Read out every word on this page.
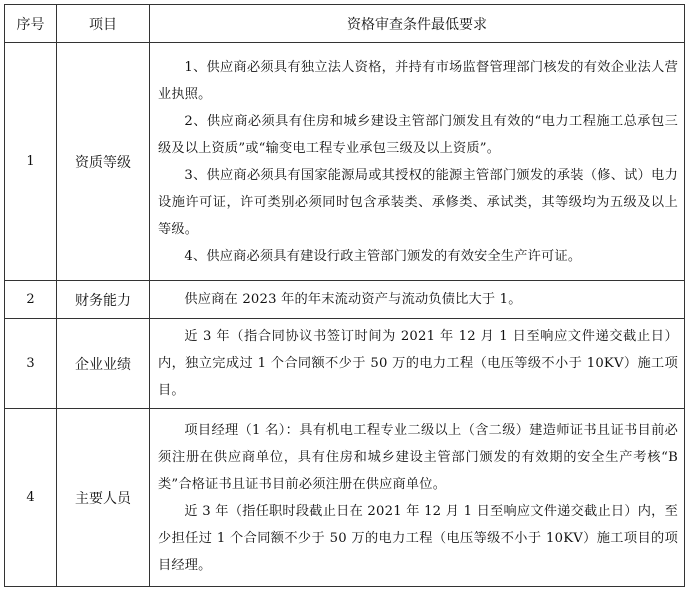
序号	项目	资格审查条件最低要求
1	资质等级	1、供应商必须具有独立法人资格，并持有市场监督管理部门核发的有效企业法人营业执照。

2、供应商必须具有住房和城乡建设主管部门颁发且有效的“电力工程施工总承包三级及以上资质”或“输变电工程专业承包三级及以上资质”。

3、供应商必须具有国家能源局或其授权的能源主管部门颁发的承装（修、试）电力设施许可证，许可类别必须同时包含承装类、承修类、承试类，其等级均为五级及以上等级。

4、供应商必须具有建设行政主管部门颁发的有效安全生产许可证。

2	财务能力	供应商在 2023 年的年末流动资产与流动负债比大于 1。

3	企业业绩	近 3 年（指合同协议书签订时间为 2021 年 12 月 1 日至响应文件递交截止日）内，独立完成过 1 个合同额不少于 50 万的电力工程（电压等级不小于 10KV）施工项目。

4	主要人员	项目经理（1 名）：具有机电工程专业二级以上（含二级）建造师证书且证书目前必须注册在供应商单位，具有住房和城乡建设主管部门颁发的有效期的安全生产考核“B 类”合格证书且证书目前必须注册在供应商单位。

近 3 年（指任职时段截止日在 2021 年 12 月 1 日至响应文件递交截止日）内，至少担任过 1 个合同额不少于 50 万的电力工程（电压等级不小于 10KV）施工项目的项目经理。
